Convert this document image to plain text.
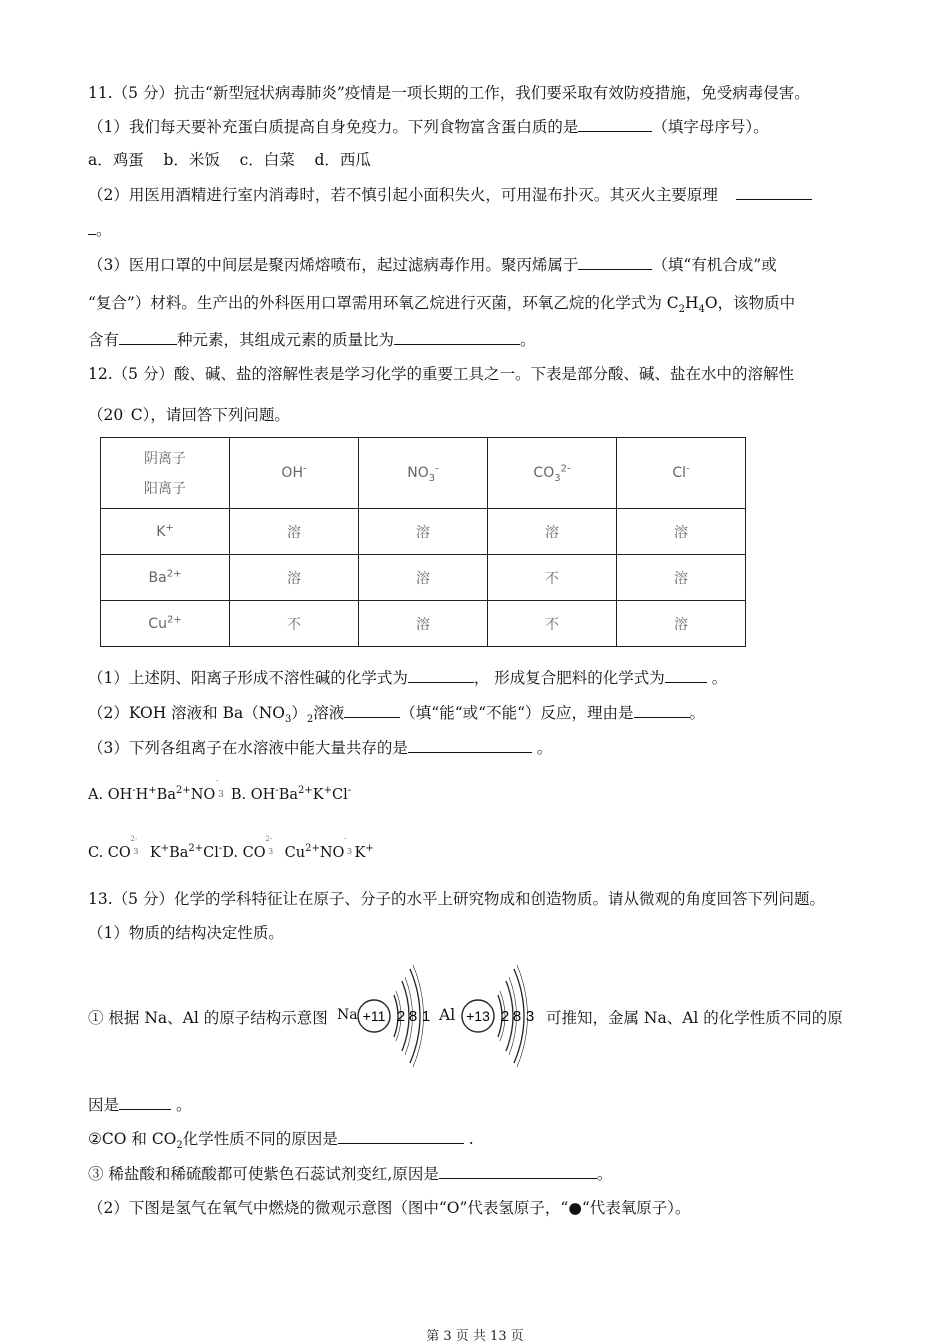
11.（5 分）抗击“新型冠状病毒肺炎”疫情是一项长期的工作，我们要采取有效防疫措施，免受病毒侵害。
（1）我们每天要补充蛋白质提高自身免疫力。下列食物富含蛋白质的是	（填字母序号）。
a．鸡蛋    b．米饭    c．白菜    d．西瓜
（2）用医用酒精进行室内消毒时，若不慎引起小面积失火，可用湿布扑灭。其灭火主要原理
。
（3）医用口罩的中间层是聚丙烯熔喷布，起过滤病毒作用。聚丙烯属于	（填“有机合成”或
“复合”）材料。生产出的外科医用口罩需用环氧乙烷进行灭菌，环氧乙烷的化学式为 $C_2H_4O$，该物质中
含有	种元素，其组成元素的质量比为	。
12.（5 分）酸、碱、盐的溶解性表是学习化学的重要工具之一。下表是部分酸、碱、盐在水中的溶解性
（20· C），请回答下列问题。
阴离子
阳离子	OH-	$NO_3^-$	$CO_3^{2-}$	Cl-
K+	溶	溶	溶	溶
$Ba^{2+}$	溶	溶	不	溶
$Cu^{2+}$	不	溶	不	溶
（1）上述阴、阳离子形成不溶性碱的化学式为	， 形成复合肥料的化学式为	。
（2）KOH 溶液和 $Ba(NO_3)_2$溶液	（填“能“或“不能“）反应，理由是	。
（3）下列各组离子在水溶液中能大量共存的是	。
A. $OH^-H^+Ba^{2+}NO$ 3- B. $OH^-Ba^{2+}K^+Cl^-$
C. CO $^{32-}$ $K^+Ba^{2+}Cl^-D$. CO $^{32-}$ $Cu^{2+}NO$ $^{3-}$K+
13.（5 分）化学的学科特征让在原子、分子的水平上研究物成和创造物质。请从微观的角度回答下列问题。
（1）物质的结构决定性质。
① 根据 Na、Al 的原子结构示意图 Na +11 2 8 1 Al +13 2 8 3 可推知，金属 Na、Al 的化学性质不同的原
因是	。
②CO 和 $CO_2$化学性质不同的原因是	.
③ 稀盐酸和稀硫酸都可使紫色石蕊试剂变红,原因是	。
（2）下图是氢气在氧气中燃烧的微观示意图（图中“O”代表氢原子，“●“代表氧原子）。
第 3 页 共 13 页
